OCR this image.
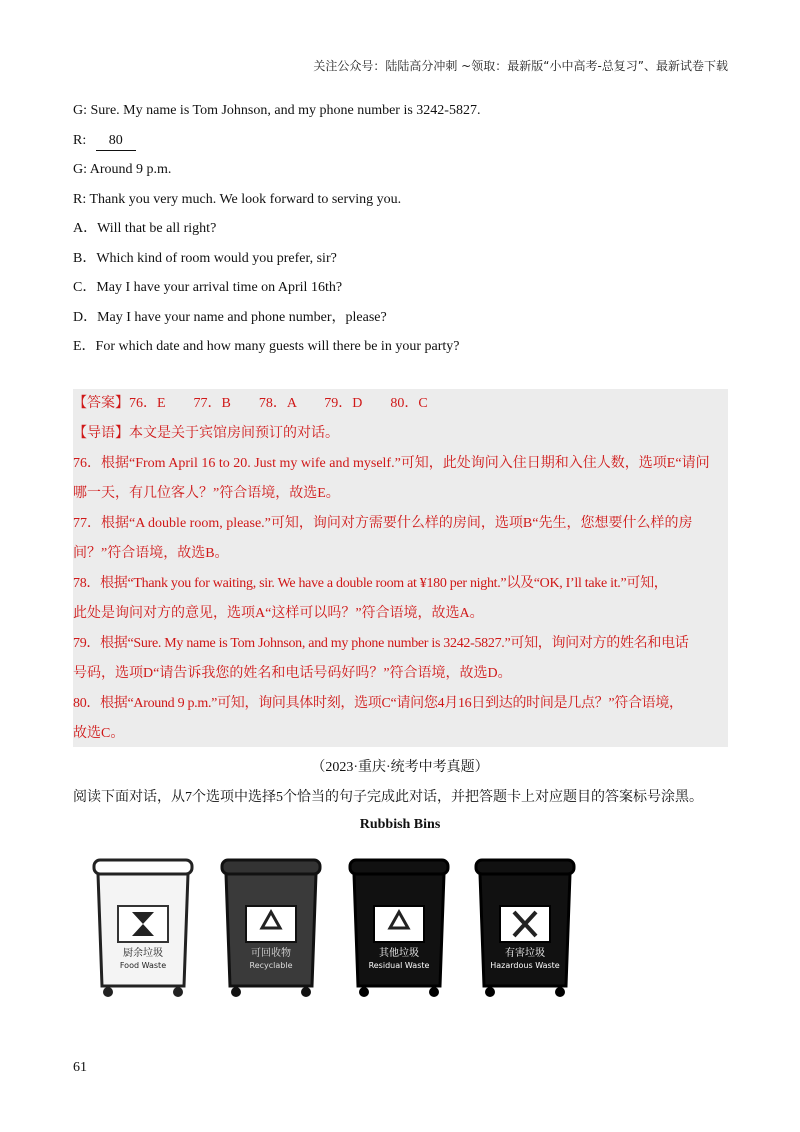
关注公众号：陆陆高分冲刺 ~领取：最新版“小中高考-总复习”、最新试卷下载
G: Sure. My name is Tom Johnson, and my phone number is 3242-5827.
R: 80
G: Around 9 p.m.
R: Thank you very much. We look forward to serving you.
A．Will that be all right?
B．Which kind of room would you prefer, sir?
C．May I have your arrival time on April 16th?
D．May I have your name and phone number，please?
E．For which date and how many guests will there be in your party?
【答案】76．E　　77．B　　78．A　　79．D　　80．C
【导语】本文是关于宾馆房间预订的对话。
76．根据“From April 16 to 20. Just my wife and myself.”可知，此处询问入住日期和入住人数，选项E“请问
哪一天，有几位客人？”符合语境，故选E。
77．根据“A double room, please.”可知，询问对方需要什么样的房间，选项B“先生，您想要什么样的房
间？”符合语境，故选B。
78．根据“Thank you for waiting, sir. We have a double room at ¥180 per night.”以及“OK, I’ll take it.”可知，
此处是询问对方的意见，选项A“这样可以吗？”符合语境，故选A。
79．根据“Sure. My name is Tom Johnson, and my phone number is 3242-5827.”可知，询问对方的姓名和电话
号码，选项D“请告诉我您的姓名和电话号码好吗？”符合语境，故选D。
80．根据“Around 9 p.m.”可知，询问具体时刻，选项C“请问您4月16日到达的时间是几点？”符合语境，
故选C。
（2023·重庆·统考中考真题）
阅读下面对话，从7个选项中选择5个恰当的句子完成此对话，并把答题卡上对应题目的答案标号涂黑。
Rubbish Bins
厨余垃圾
Food Waste
可回收物
Recyclable
其他垃圾
Residual Waste
有害垃圾
Hazardous Waste
61
